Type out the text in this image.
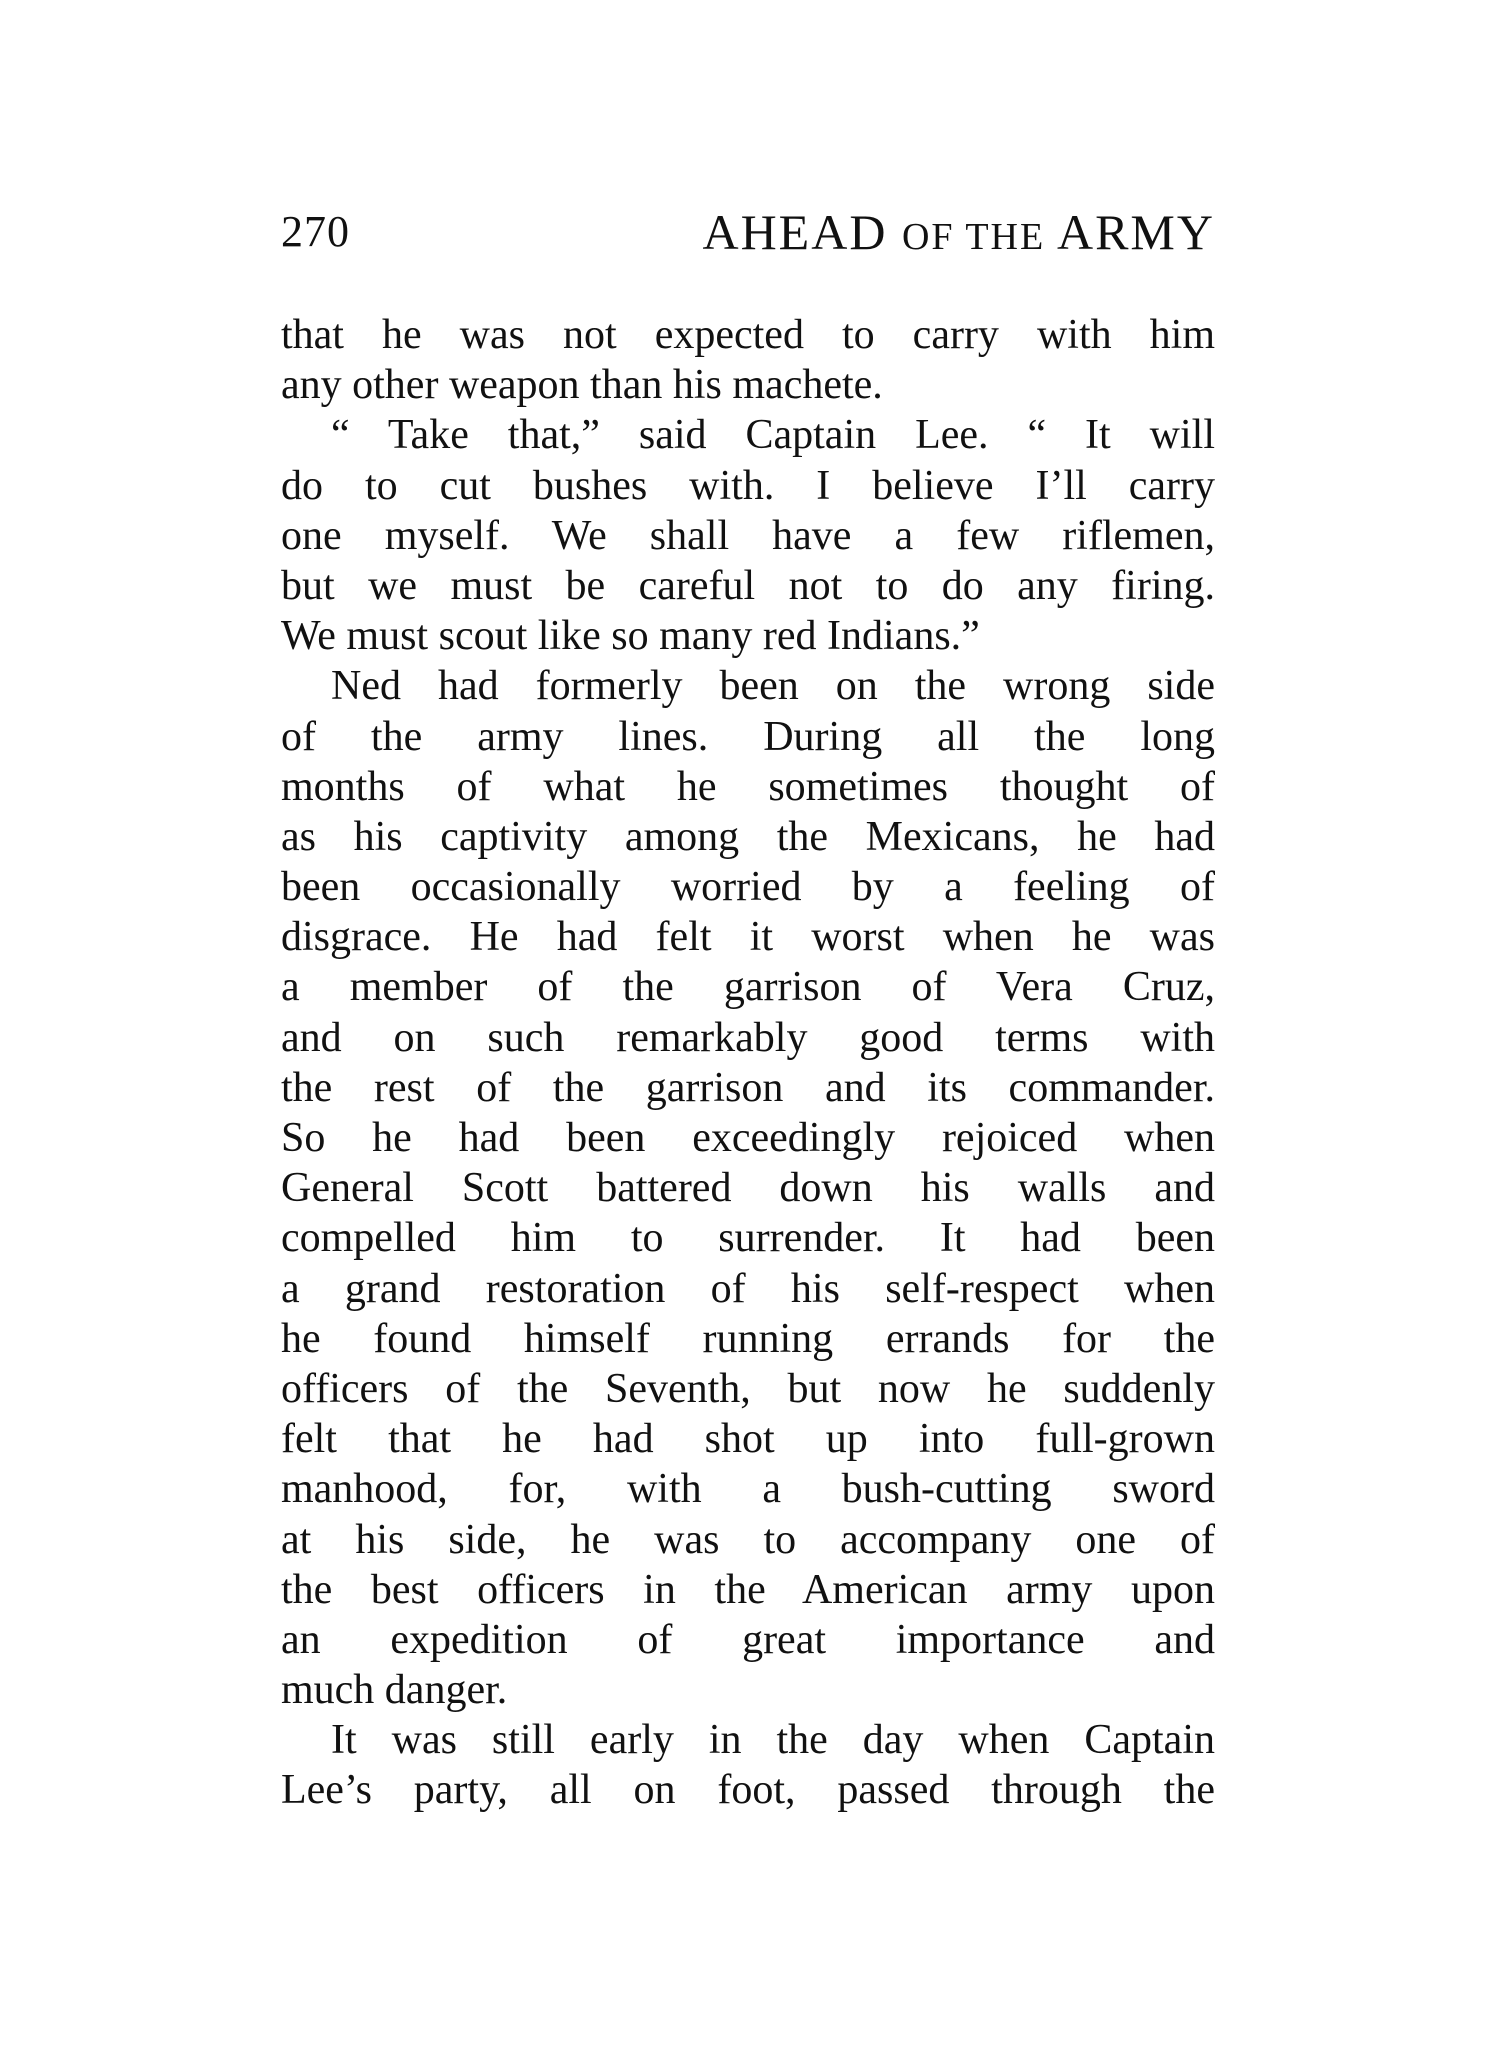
270	AHEAD OF THE ARMY
that he was not expected to carry with him
any other weapon than his machete.
“ Take that,” said Captain Lee. “ It will
do to cut bushes with. I believe I’ll carry
one myself. We shall have a few riflemen,
but we must be careful not to do any firing.
We must scout like so many red Indians.”
Ned had formerly been on the wrong side
of the army lines. During all the long
months of what he sometimes thought of
as his captivity among the Mexicans, he had
been occasionally worried by a feeling of
disgrace. He had felt it worst when he was
a member of the garrison of Vera Cruz,
and on such remarkably good terms with
the rest of the garrison and its commander.
So he had been exceedingly rejoiced when
General Scott battered down his walls and
compelled him to surrender. It had been
a grand restoration of his self-respect when
he found himself running errands for the
officers of the Seventh, but now he suddenly
felt that he had shot up into full-grown
manhood, for, with a bush-cutting sword
at his side, he was to accompany one of
the best officers in the American army upon
an expedition of great importance and
much danger.
It was still early in the day when Captain
Lee’s party, all on foot, passed through the
